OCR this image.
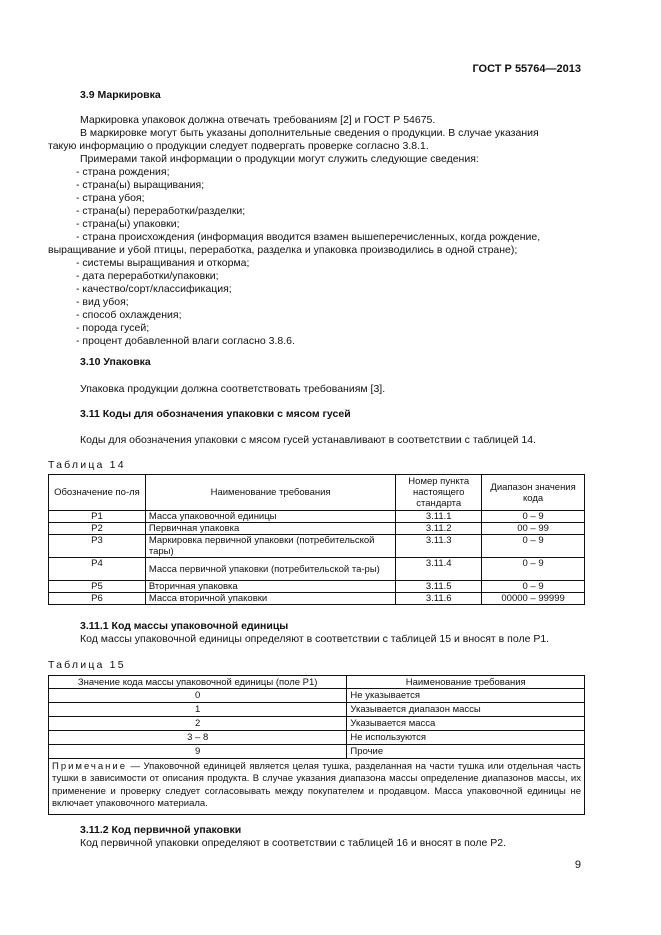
ГОСТ Р 55764—2013
3.9 Маркировка
Маркировка упаковок должна отвечать требованиям [2] и ГОСТ Р 54675.
В маркировке могут быть указаны дополнительные сведения о продукции. В случае указания
такую информацию о продукции следует подвергать проверке согласно 3.8.1.
Примерами такой информации о продукции могут служить следующие сведения:
- страна рождения;
- страна(ы) выращивания;
- страна убоя;
- страна(ы) переработки/разделки;
- страна(ы) упаковки;
- страна происхождения (информация вводится взамен вышеперечисленных, когда рождение,
выращивание и убой птицы, переработка, разделка и упаковка производились в одной стране);
- системы выращивания и откорма;
- дата переработки/упаковки;
- качество/сорт/классификация;
- вид убоя;
- способ охлаждения;
- порода гусей;
- процент добавленной влаги согласно 3.8.6.
3.10 Упаковка
Упаковка продукции должна соответствовать требованиям [3].
3.11 Коды для обозначения упаковки с мясом гусей
Коды для обозначения упаковки с мясом гусей устанавливают в соответствии с таблицей 14.
Таблица 14
Обозначение по-ля	Наименование требования	Номер пункта настоящего стандарта	Диапазон значения кода
P1	Масса упаковочной единицы	3.11.1	0 – 9
P2	Первичная упаковка	3.11.2	00 – 99
P3	Маркировка первичной упаковки (потребительской тары)	3.11.3	0 – 9
P4	Масса первичной упаковки (потребительской та-ры)	3.11.4	0 – 9
P5	Вторичная упаковка	3.11.5	0 – 9
P6	Масса вторичной упаковки	3.11.6	00000 – 99999
3.11.1 Код массы упаковочной единицы
Код массы упаковочной единицы определяют в соответствии с таблицей 15 и вносят в поле Р1.
Таблица 15
Значение кода массы упаковочной единицы (поле Р1)	Наименование требования
0	Не указывается
1	Указывается диапазон массы
2	Указывается масса
3 – 8	Не используются
9	Прочие
Примечание — Упаковочной единицей является целая тушка, разделанная на части тушка или отдельная часть тушки в зависимости от описания продукта. В случае указания диапазона массы определение диапазонов массы, их применение и проверку следует согласовывать между покупателем и продавцом. Масса упаковочной единицы не включает упаковочного материала.	
3.11.2 Код первичной упаковки
Код первичной упаковки определяют в соответствии с таблицей 16 и вносят в поле Р2.
9
